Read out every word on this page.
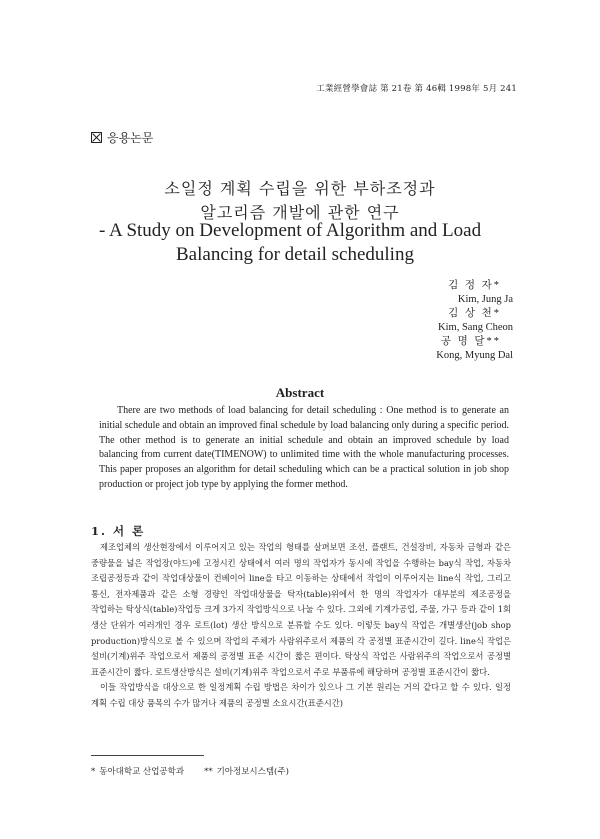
工業經營學會誌 第 21卷 第 46輯 1998年 5月 241
응용논문
소일정 계획 수립을 위한 부하조정과
알고리즘 개발에 관한 연구
- A Study on Development of Algorithm and Load
Balancing for detail scheduling
김 정 자*
Kim, Jung Ja
김 상 천*
Kim, Sang Cheon
공 명 달**
Kong, Myung Dal
Abstract
There are two methods of load balancing for detail scheduling : One method is to generate an initial schedule and obtain an improved final schedule by load balancing only during a specific period. The other method is to generate an initial schedule and obtain an improved schedule by load balancing from current date(TIMENOW) to unlimited time with the whole manufacturing processes. This paper proposes an algorithm for detail scheduling which can be a practical solution in job shop production or project job type by applying the former method.
1. 서 론

제조업체의 생산현장에서 이루어지고 있는 작업의 형태를 살펴보면 조선, 플랜트, 건설장비, 자동차 금형과 같은 중량물을 넓은 작업장(야드)에 고정시킨 상태에서 여러 명의 작업자가 동시에 작업을 수행하는 bay식 작업, 자동차 조립공정등과 같이 작업대상물이 컨베이어 line을 타고 이동하는 상태에서 작업이 이루어지는 line식 작업, 그리고 통신, 전자제품과 같은 소형 경량인 작업대상물을 탁자(table)위에서 한 명의 작업자가 대부분의 제조공정을 작업하는 탁상식(table)작업등 크게 3가지 작업방식으로 나눌 수 있다. 그외에 기계가공업, 주물, 가구 등과 같이 1회 생산 단위가 여러개인 경우 로트(lot) 생산 방식으로 분류할 수도 있다. 이렇듯 bay식 작업은 개별생산(job shop production)방식으로 볼 수 있으며 작업의 주체가 사람위주로서 제품의 각 공정별 표준시간이 길다. line식 작업은 설비(기계)위주 작업으로서 제품의 공정별 표준 시간이 짧은 편이다. 탁상식 작업은 사람위주의 작업으로서 공정별 표준시간이 짧다. 로트생산방식은 설비(기계)위주 작업으로서 주로 부품류에 해당하며 공정별 표준시간이 짧다.

이들 작업방식을 대상으로 한 일정계획 수립 방법은 차이가 있으나 그 기본 원리는 거의 같다고 할 수 있다. 일정 계획 수립 대상 품목의 수가 많거나 제품의 공정별 소요시간(표준시간)

* 동아대학교 산업공학과 ** 기아정보시스템(주)
